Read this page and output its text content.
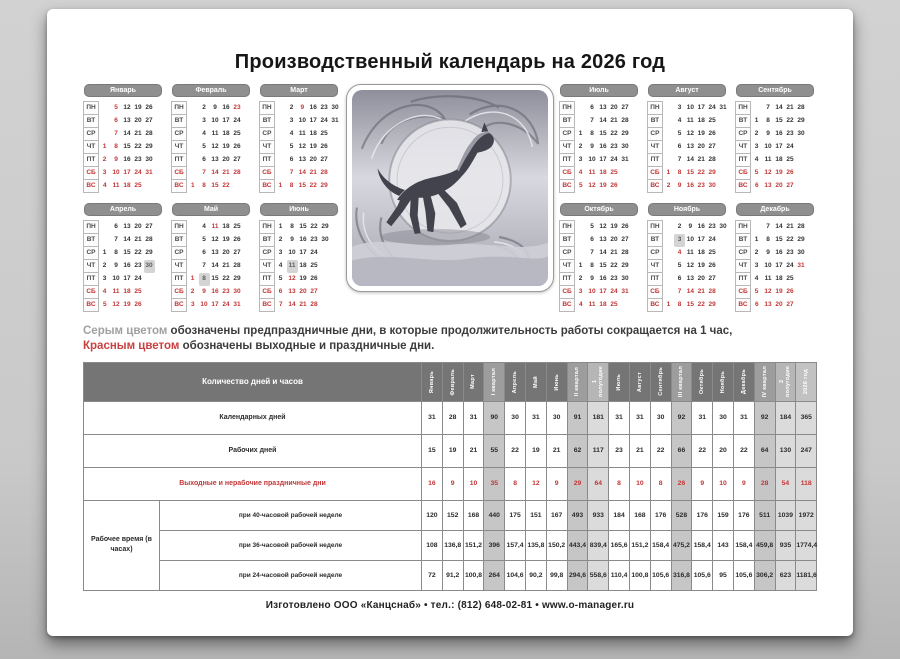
Производственный календарь на 2026 год
Январь
ПН		5	12	19	26
ВТ		6	13	20	27
СР		7	14	21	28
ЧТ	1	8	15	22	29
ПТ	2	9	16	23	30
СБ	3	10	17	24	31
ВС	4	11	18	25	
Февраль
ПН		2	9	16	23
ВТ		3	10	17	24
СР		4	11	18	25
ЧТ		5	12	19	26
ПТ		6	13	20	27
СБ		7	14	21	28
ВС	1	8	15	22	
Март
ПН		2	9	16	23	30
ВТ		3	10	17	24	31
СР		4	11	18	25	
ЧТ		5	12	19	26	
ПТ		6	13	20	27	
СБ		7	14	21	28	
ВС	1	8	15	22	29	
Апрель
ПН		6	13	20	27
ВТ		7	14	21	28
СР	1	8	15	22	29
ЧТ	2	9	16	23	30
ПТ	3	10	17	24	
СБ	4	11	18	25	
ВС	5	12	19	26	
Май
ПН		4	11	18	25
ВТ		5	12	19	26
СР		6	13	20	27
ЧТ		7	14	21	28
ПТ	1	8	15	22	29
СБ	2	9	16	23	30
ВС	3	10	17	24	31
Июнь
ПН	1	8	15	22	29
ВТ	2	9	16	23	30
СР	3	10	17	24	
ЧТ	4	11	18	25	
ПТ	5	12	19	26	
СБ	6	13	20	27	
ВС	7	14	21	28	
Июль
ПН		6	13	20	27
ВТ		7	14	21	28
СР	1	8	15	22	29
ЧТ	2	9	16	23	30
ПТ	3	10	17	24	31
СБ	4	11	18	25	
ВС	5	12	19	26	
Август
ПН		3	10	17	24	31
ВТ		4	11	18	25	
СР		5	12	19	26	
ЧТ		6	13	20	27	
ПТ		7	14	21	28	
СБ	1	8	15	22	29	
ВС	2	9	16	23	30	
Сентябрь
ПН		7	14	21	28
ВТ	1	8	15	22	29
СР	2	9	16	23	30
ЧТ	3	10	17	24	
ПТ	4	11	18	25	
СБ	5	12	19	26	
ВС	6	13	20	27	
Октябрь
ПН		5	12	19	26
ВТ		6	13	20	27
СР		7	14	21	28
ЧТ	1	8	15	22	29
ПТ	2	9	16	23	30
СБ	3	10	17	24	31
ВС	4	11	18	25	
Ноябрь
ПН		2	9	16	23	30
ВТ		3	10	17	24	
СР		4	11	18	25	
ЧТ		5	12	19	26	
ПТ		6	13	20	27	
СБ		7	14	21	28	
ВС	1	8	15	22	29	
Декабрь
ПН		7	14	21	28
ВТ	1	8	15	22	29
СР	2	9	16	23	30
ЧТ	3	10	17	24	31
ПТ	4	11	18	25	
СБ	5	12	19	26	
ВС	6	13	20	27	
Серым цветом обозначены предпраздничные дни, в которые продолжительность работы сокращается на 1 час,
Красным цветом обозначены выходные и праздничные дни.
Количество дней и часов		Январь	Февраль	Март	I квартал	Апрель	Май	Июнь	II квартал	1 полугодие	Июль	Август	Сентябрь	III квартал	Октябрь	Ноябрь	Декабрь	IV квартал	2 полугодие	2026 год

Календарных дней		31	28	31	90	30	31	30	91	181	31	31	30	92	31	30	31	92	184	365
Рабочих дней		15	19	21	55	22	19	21	62	117	23	21	22	66	22	20	22	64	130	247
Выходные и нерабочие праздничные дни		16	9	10	35	8	12	9	29	64	8	10	8	26	9	10	9	28	54	118
Рабочее время (в часах)	при 40-часовой рабочей неделе	120	152	168	440	175	151	167	493	933	184	168	176	528	176	159	176	511	1039	1972
	при 36-часовой рабочей неделе	108	136,8	151,2	396	157,4	135,8	150,2	443,4	839,4	165,6	151,2	158,4	475,2	158,4	143	158,4	459,8	935	1774,4
	при 24-часовой рабочей неделе	72	91,2	100,8	264	104,6	90,2	99,8	294,6	558,6	110,4	100,8	105,6	316,8	105,6	95	105,6	306,2	623	1181,6
Изготовлено ООО «Канцснаб» • тел.: (812) 648-02-81 • www.o-manager.ru
